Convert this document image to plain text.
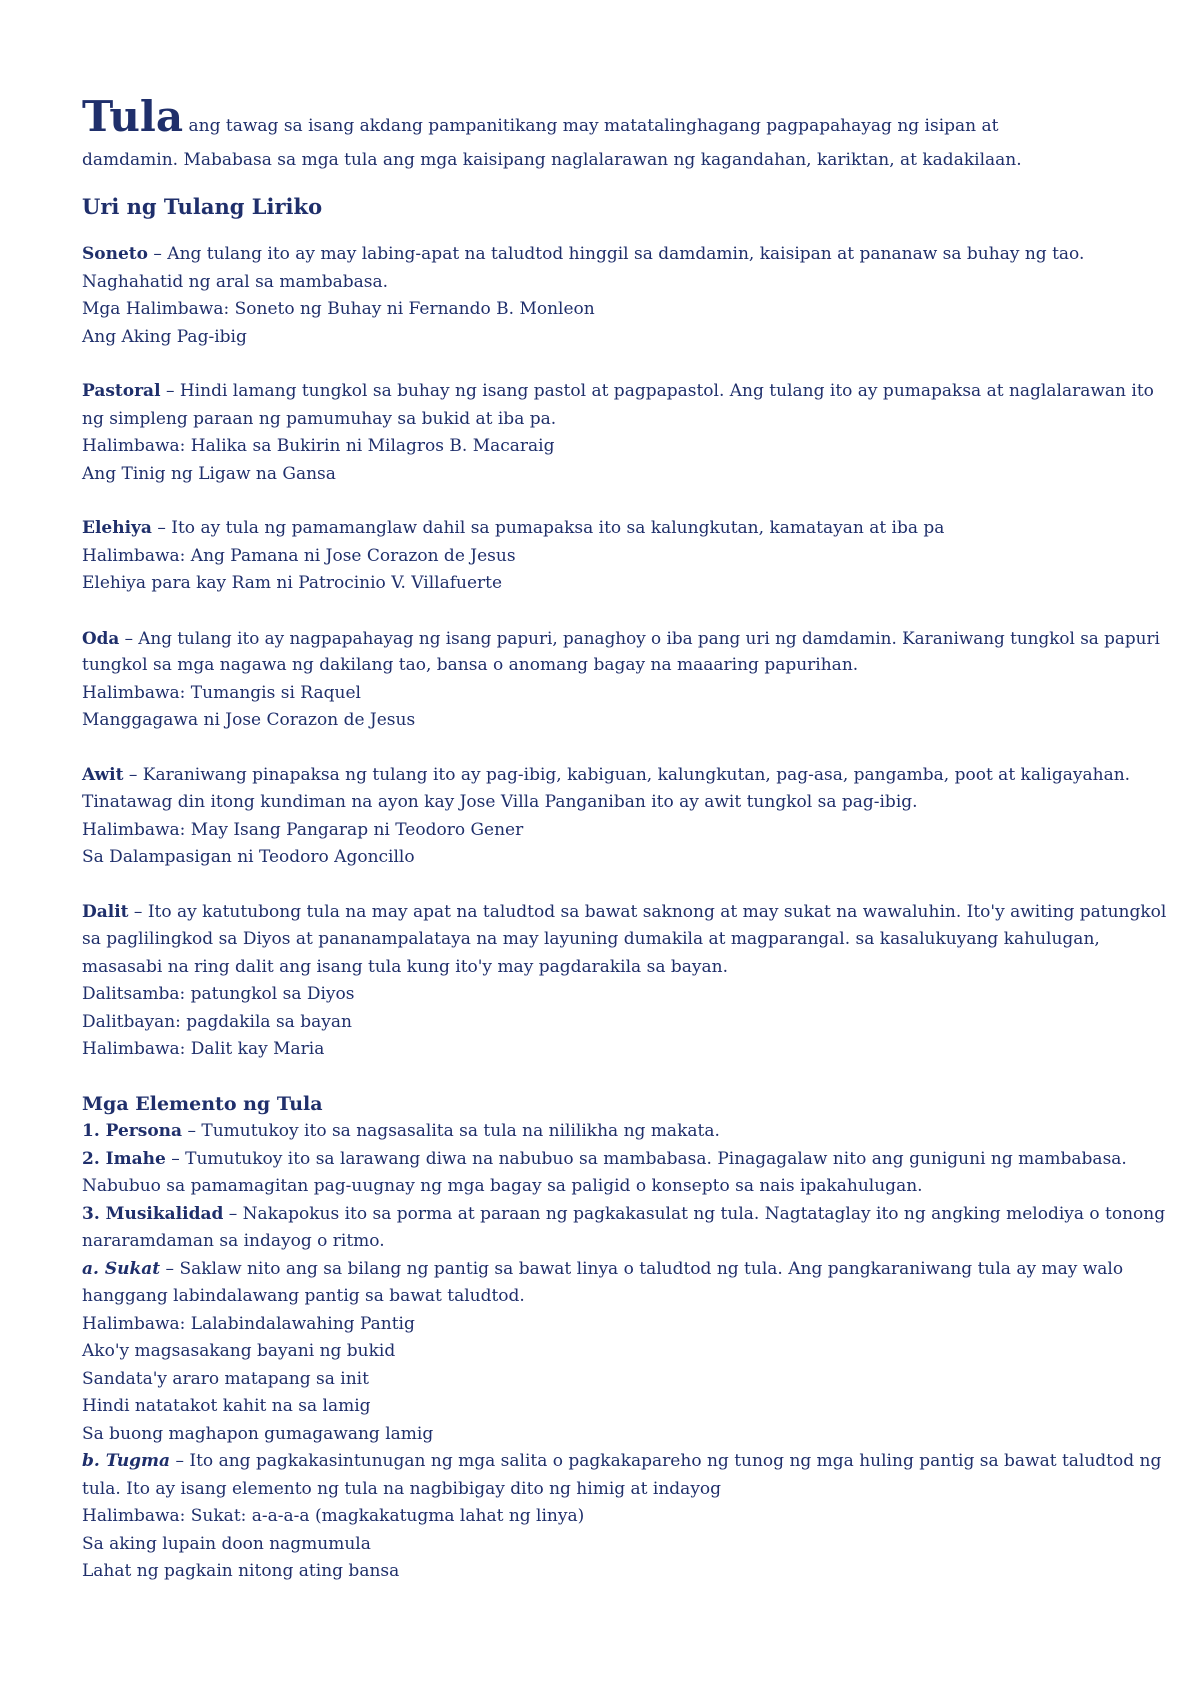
Tula ang tawag sa isang akdang pampanitikang may matatalinghagang pagpapahayag ng isipan at
damdamin. Mababasa sa mga tula ang mga kaisipang naglalarawan ng kagandahan, kariktan, at kadakilaan.

Uri ng Tulang Liriko
Soneto – Ang tulang ito ay may labing-apat na taludtod hinggil sa damdamin, kaisipan at pananaw sa buhay ng tao.
Naghahatid ng aral sa mambabasa.
Mga Halimbawa: Soneto ng Buhay ni Fernando B. Monleon
Ang Aking Pag-ibig
Pastoral – Hindi lamang tungkol sa buhay ng isang pastol at pagpapastol. Ang tulang ito ay pumapaksa at naglalarawan ito
ng simpleng paraan ng pamumuhay sa bukid at iba pa.
Halimbawa: Halika sa Bukirin ni Milagros B. Macaraig
Ang Tinig ng Ligaw na Gansa
Elehiya – Ito ay tula ng pamamanglaw dahil sa pumapaksa ito sa kalungkutan, kamatayan at iba pa
Halimbawa: Ang Pamana ni Jose Corazon de Jesus
Elehiya para kay Ram ni Patrocinio V. Villafuerte
Oda – Ang tulang ito ay nagpapahayag ng isang papuri, panaghoy o iba pang uri ng damdamin. Karaniwang tungkol sa papuri
tungkol sa mga nagawa ng dakilang tao, bansa o anomang bagay na maaaring papurihan.
Halimbawa: Tumangis si Raquel
Manggagawa ni Jose Corazon de Jesus
Awit – Karaniwang pinapaksa ng tulang ito ay pag-ibig, kabiguan, kalungkutan, pag-asa, pangamba, poot at kaligayahan.
Tinatawag din itong kundiman na ayon kay Jose Villa Panganiban ito ay awit tungkol sa pag-ibig.
Halimbawa: May Isang Pangarap ni Teodoro Gener
Sa Dalampasigan ni Teodoro Agoncillo
Dalit – Ito ay katutubong tula na may apat na taludtod sa bawat saknong at may sukat na wawaluhin. Ito'y awiting patungkol
sa paglilingkod sa Diyos at pananampalataya na may layuning dumakila at magparangal. sa kasalukuyang kahulugan,
masasabi na ring dalit ang isang tula kung ito'y may pagdarakila sa bayan.
Dalitsamba: patungkol sa Diyos
Dalitbayan: pagdakila sa bayan
Halimbawa: Dalit kay Maria
Mga Elemento ng Tula
1. Persona – Tumutukoy ito sa nagsasalita sa tula na nililikha ng makata.
2. Imahe – Tumutukoy ito sa larawang diwa na nabubuo sa mambabasa. Pinagagalaw nito ang guniguni ng mambabasa.
Nabubuo sa pamamagitan pag-uugnay ng mga bagay sa paligid o konsepto sa nais ipakahulugan.
3. Musikalidad – Nakapokus ito sa porma at paraan ng pagkakasulat ng tula. Nagtataglay ito ng angking melodiya o tonong
nararamdaman sa indayog o ritmo.
a. Sukat – Saklaw nito ang sa bilang ng pantig sa bawat linya o taludtod ng tula. Ang pangkaraniwang tula ay may walo
hanggang labindalawang pantig sa bawat taludtod.
Halimbawa: Lalabindalawahing Pantig
Ako'y magsasakang bayani ng bukid
Sandata'y araro matapang sa init
Hindi natatakot kahit na sa lamig
Sa buong maghapon gumagawang lamig
b. Tugma – Ito ang pagkakasintunugan ng mga salita o pagkakapareho ng tunog ng mga huling pantig sa bawat taludtod ng
tula. Ito ay isang elemento ng tula na nagbibigay dito ng himig at indayog
Halimbawa: Sukat: a-a-a-a (magkakatugma lahat ng linya)
Sa aking lupain doon nagmumula
Lahat ng pagkain nitong ating bansa
